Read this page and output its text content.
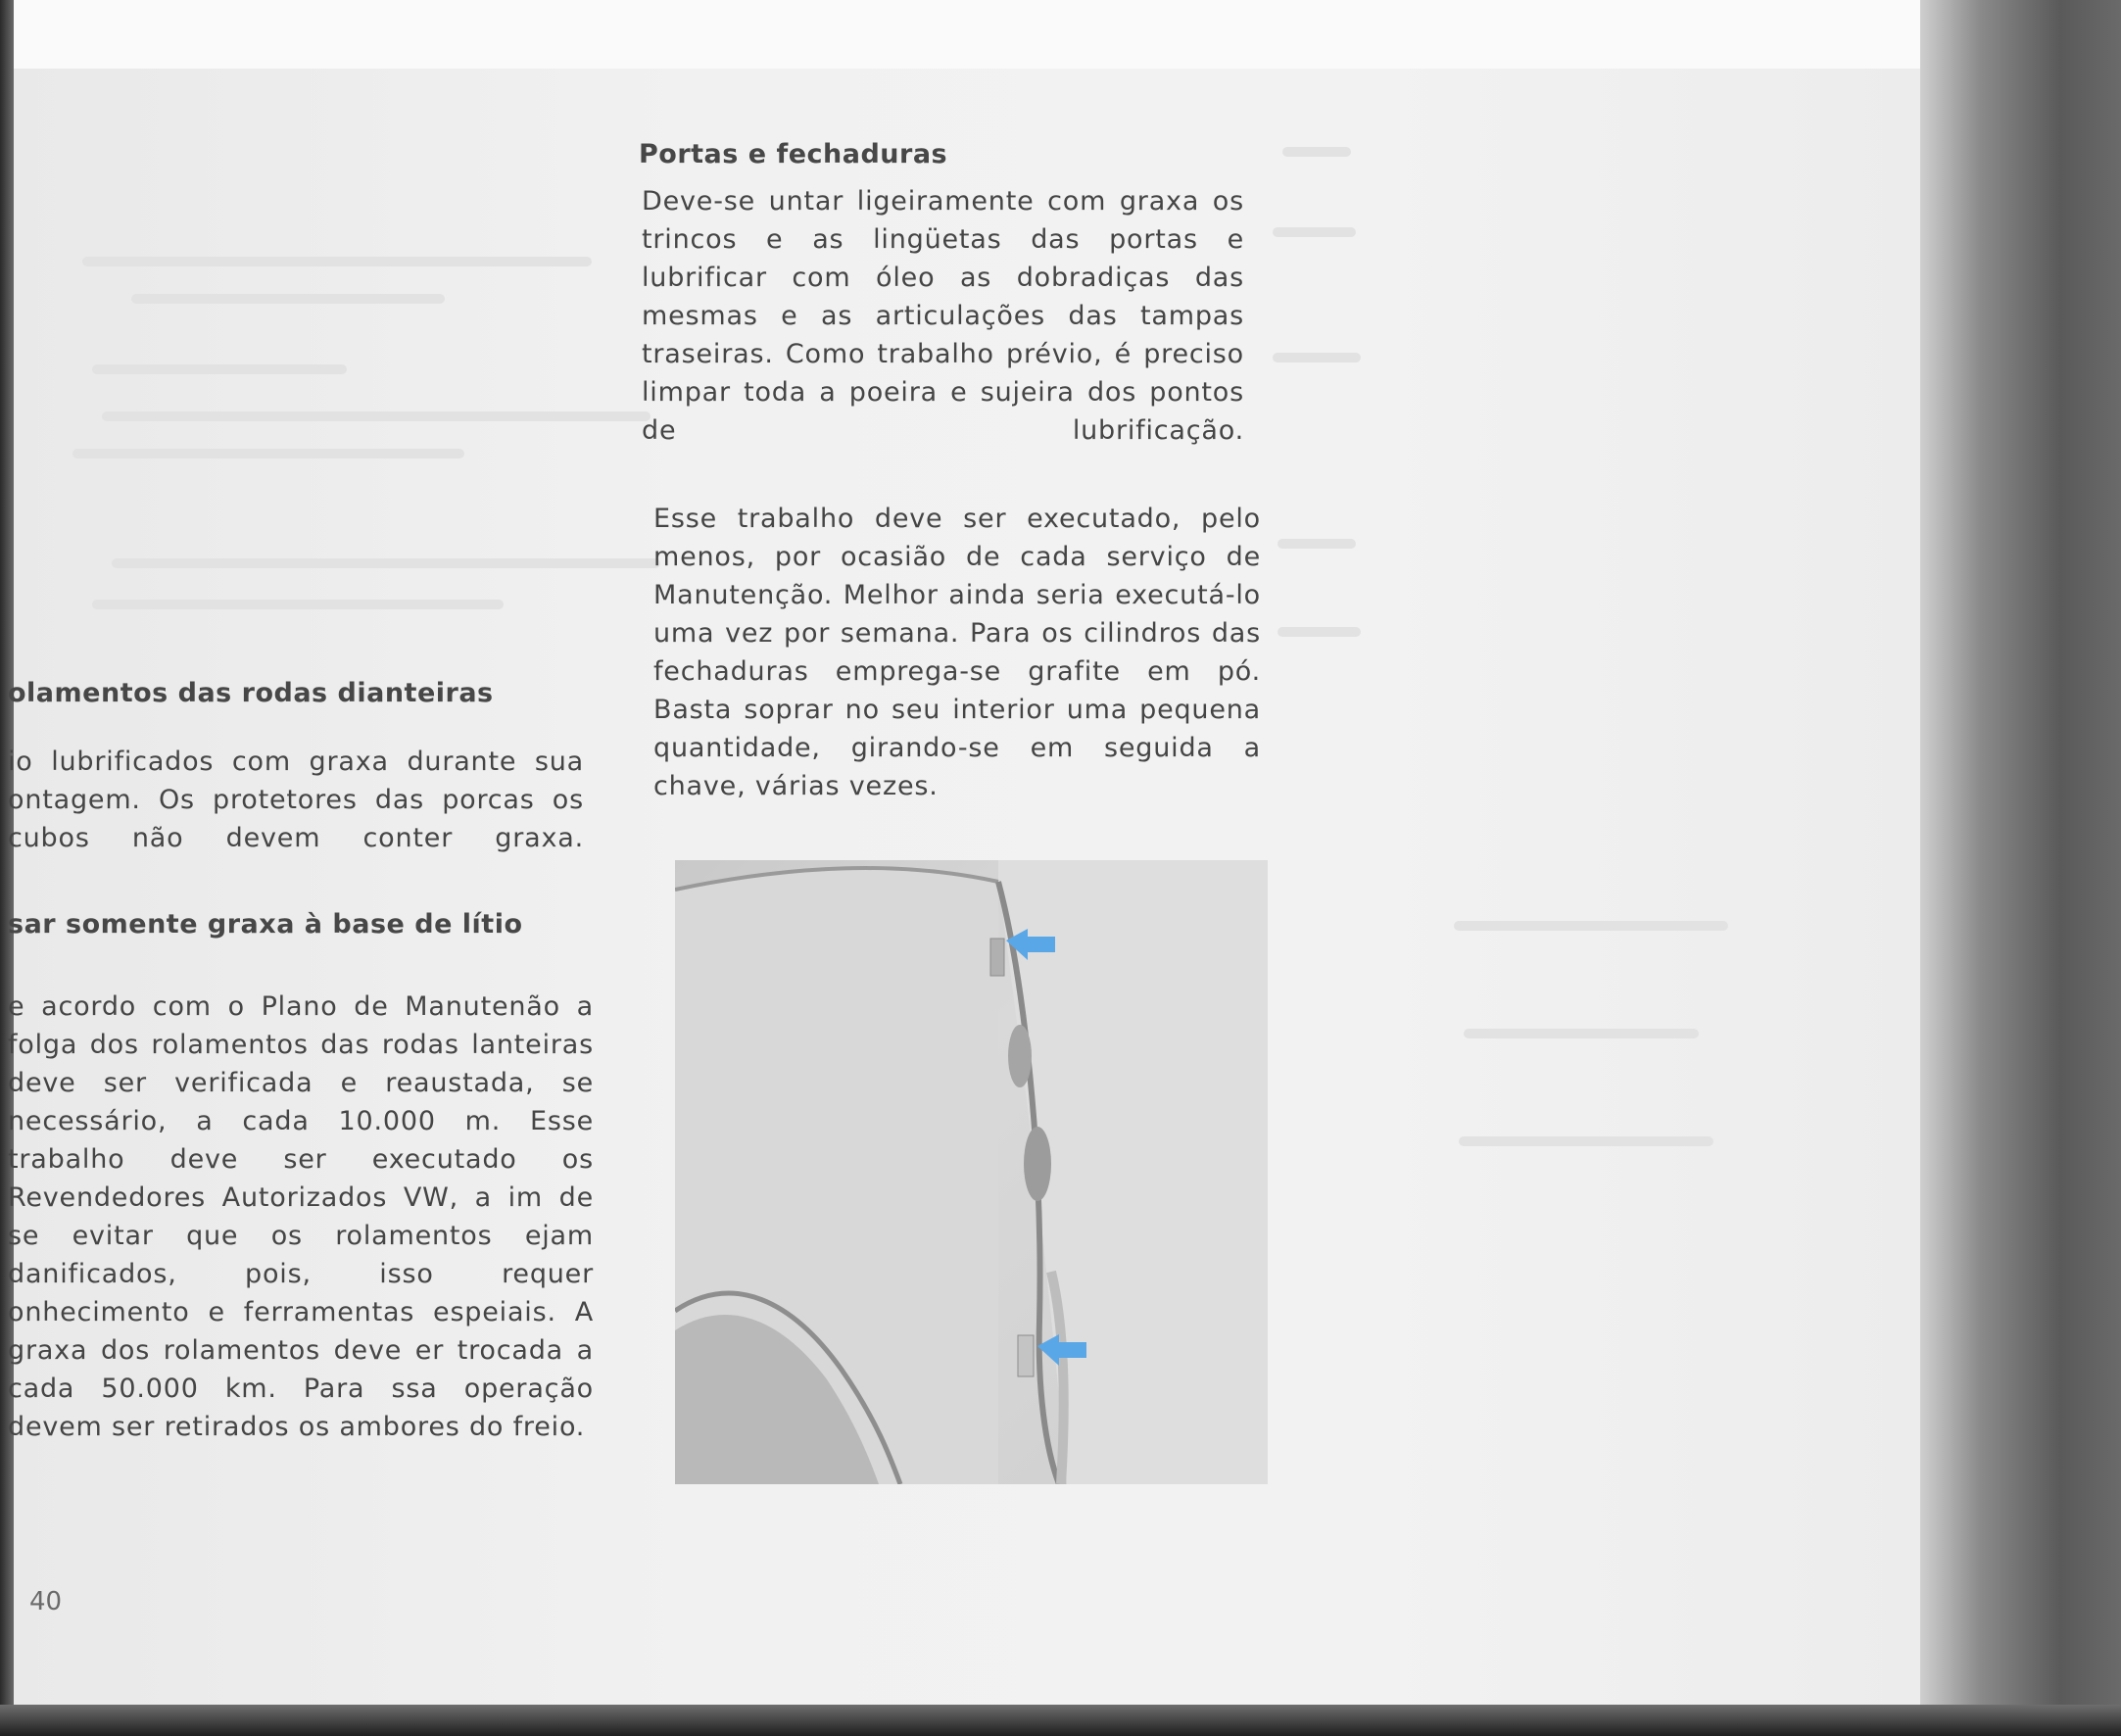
Portas e fechaduras

Deve-se untar ligeiramente com graxa os trincos e as lingüetas das portas e lubrificar com óleo as dobradiças das mesmas e as articulações das tampas traseiras. Como trabalho prévio, é preciso limpar toda a poeira e sujeira dos pontos de lubrificação.

Esse trabalho deve ser executado, pelo menos, por ocasião de cada serviço de Manutenção. Melhor ainda seria executá-lo uma vez por semana. Para os cilindros das fechaduras emprega-se grafite em pó. Basta soprar no seu interior uma pequena quantidade, girando-se em seguida a chave, várias vezes.

olamentos das rodas dianteiras

io lubrificados com graxa durante sua ontagem. Os protetores das porcas os cubos não devem conter graxa.

sar somente graxa à base de lítio

e acordo com o Plano de Manutenão a folga dos rolamentos das rodas lanteiras deve ser verificada e reaustada, se necessário, a cada 10.000 m. Esse trabalho deve ser executado os Revendedores Autorizados VW, a im de se evitar que os rolamentos ejam danificados, pois, isso requer onhecimento e ferramentas espeiais. A graxa dos rolamentos deve er trocada a cada 50.000 km. Para ssa operação devem ser retirados os ambores do freio.

40
